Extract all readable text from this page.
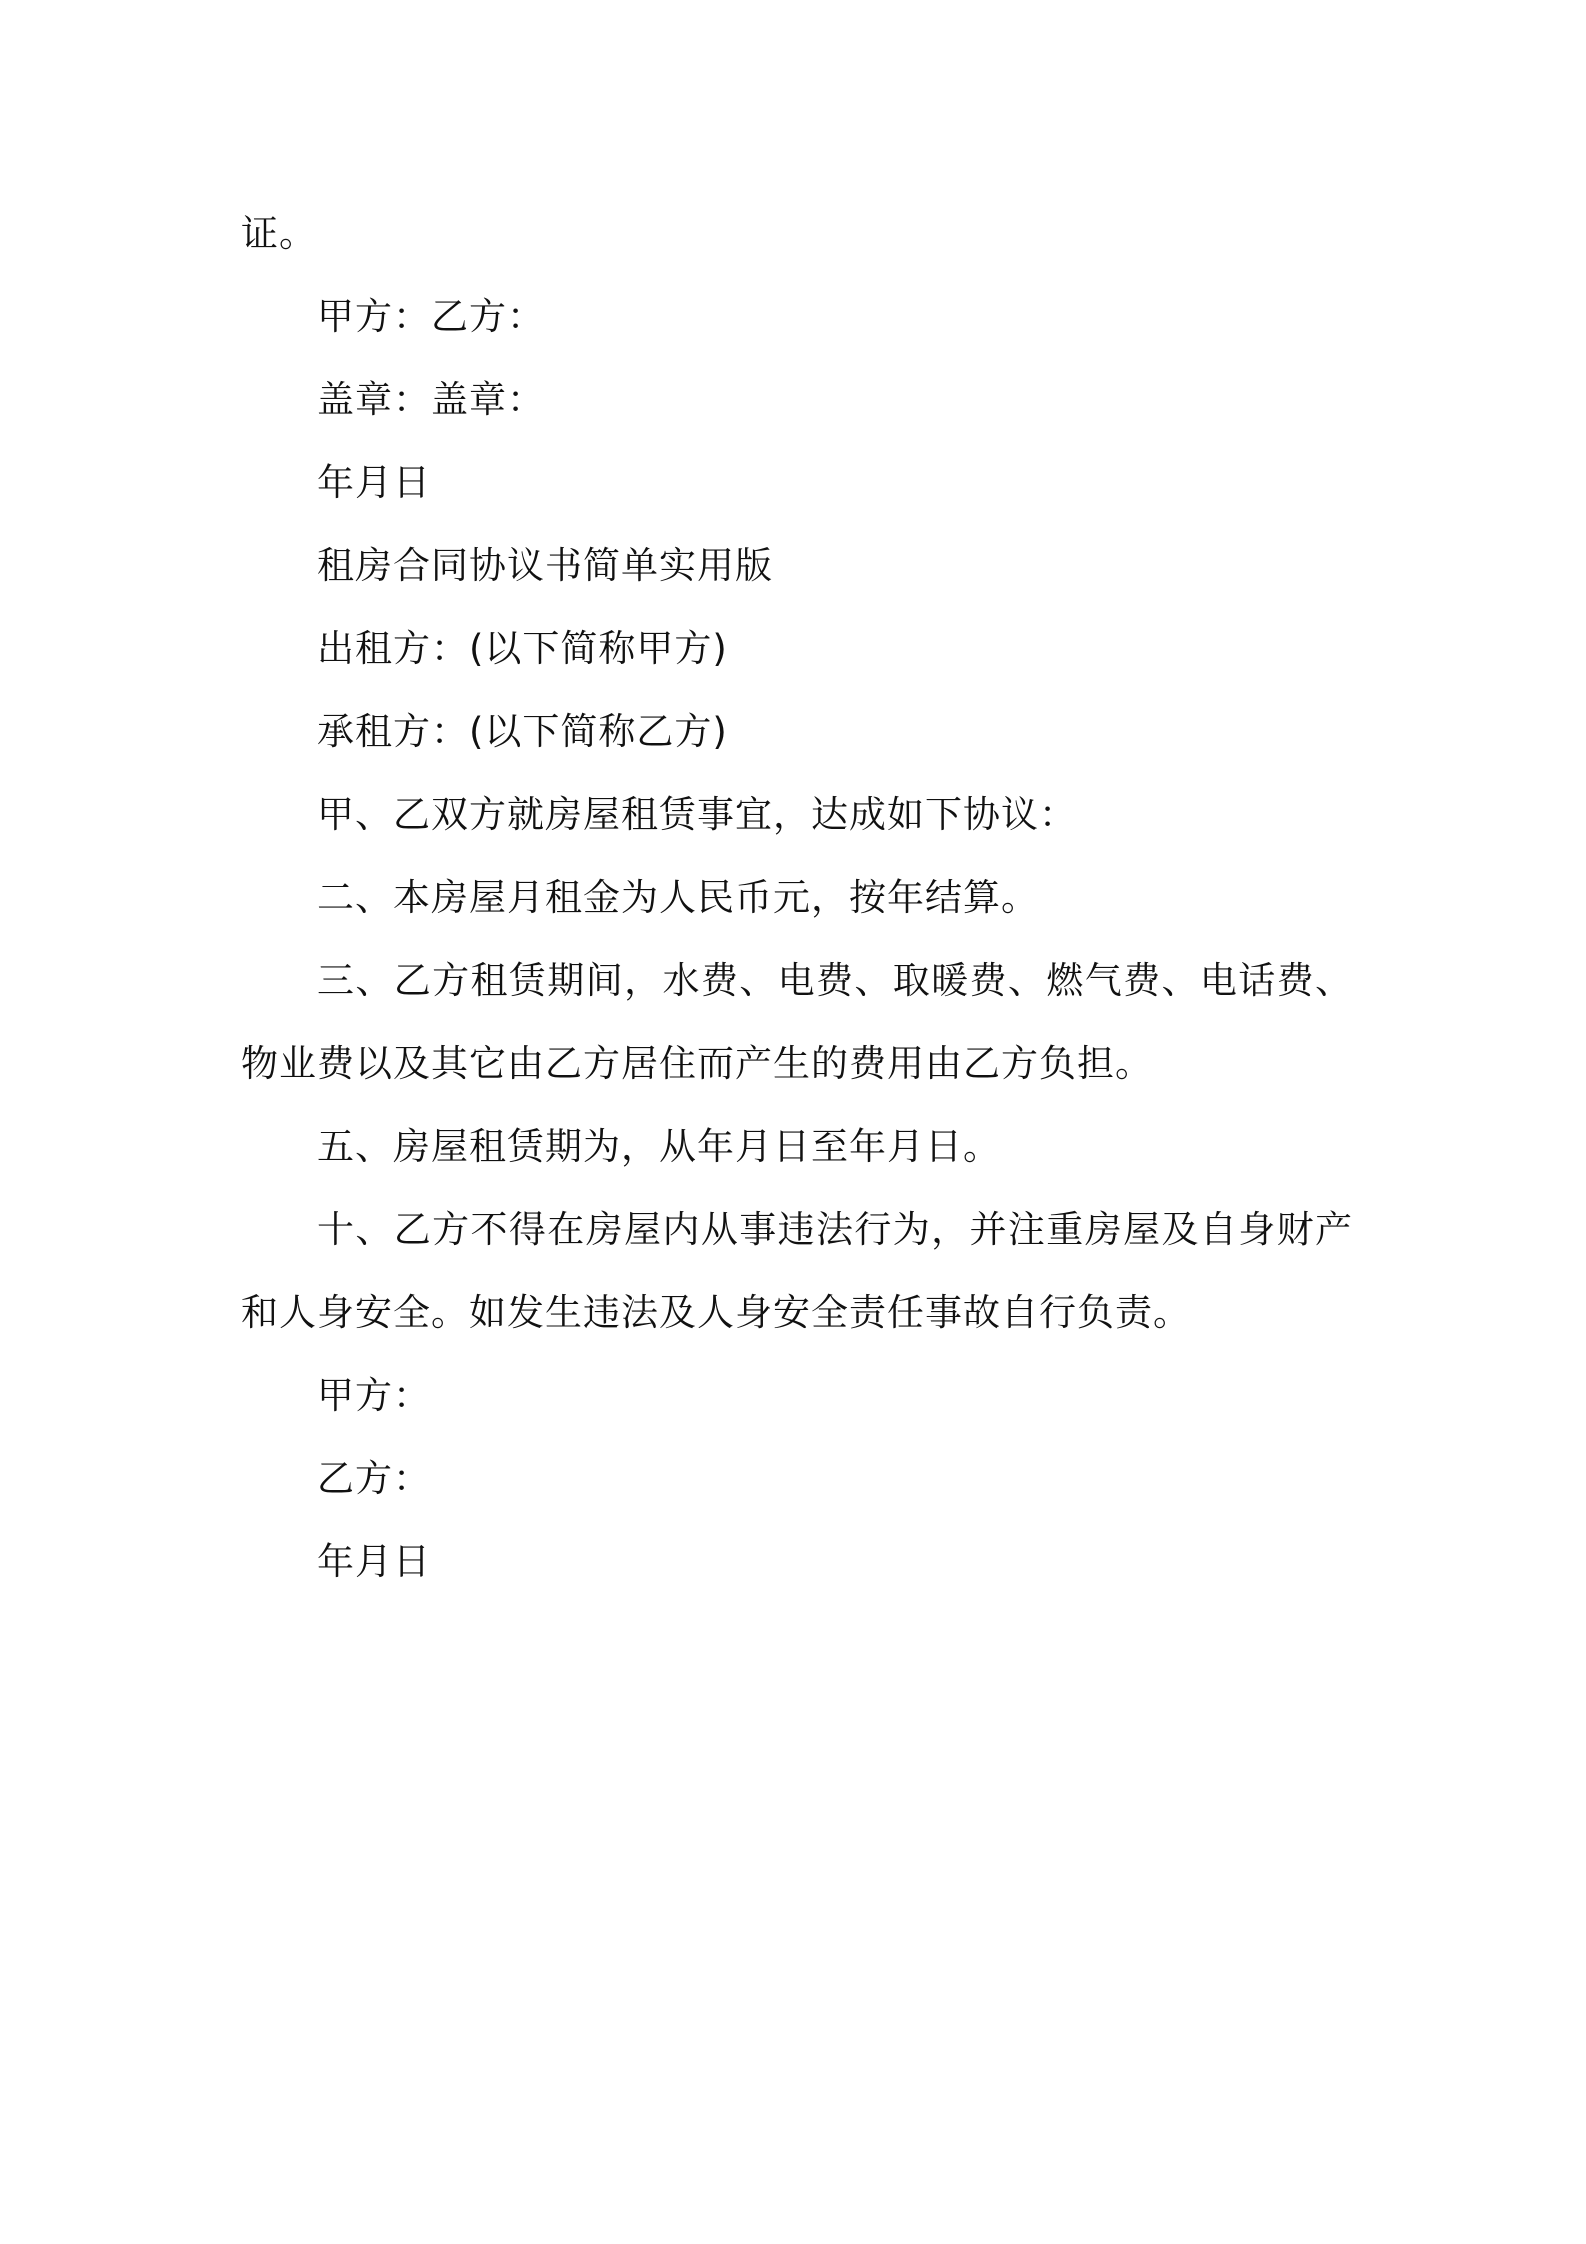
证。

甲方：乙方：

盖章：盖章：

年月日

租房合同协议书简单实用版

出租方：(以下简称甲方)

承租方：(以下简称乙方)

甲、乙双方就房屋租赁事宜，达成如下协议：

二、本房屋月租金为人民币元，按年结算。

三、乙方租赁期间，水费、电费、取暖费、燃气费、电话费、物业费以及其它由乙方居住而产生的费用由乙方负担。

五、房屋租赁期为，从年月日至年月日。

十、乙方不得在房屋内从事违法行为，并注重房屋及自身财产和人身安全。如发生违法及人身安全责任事故自行负责。

甲方：

乙方：

年月日
